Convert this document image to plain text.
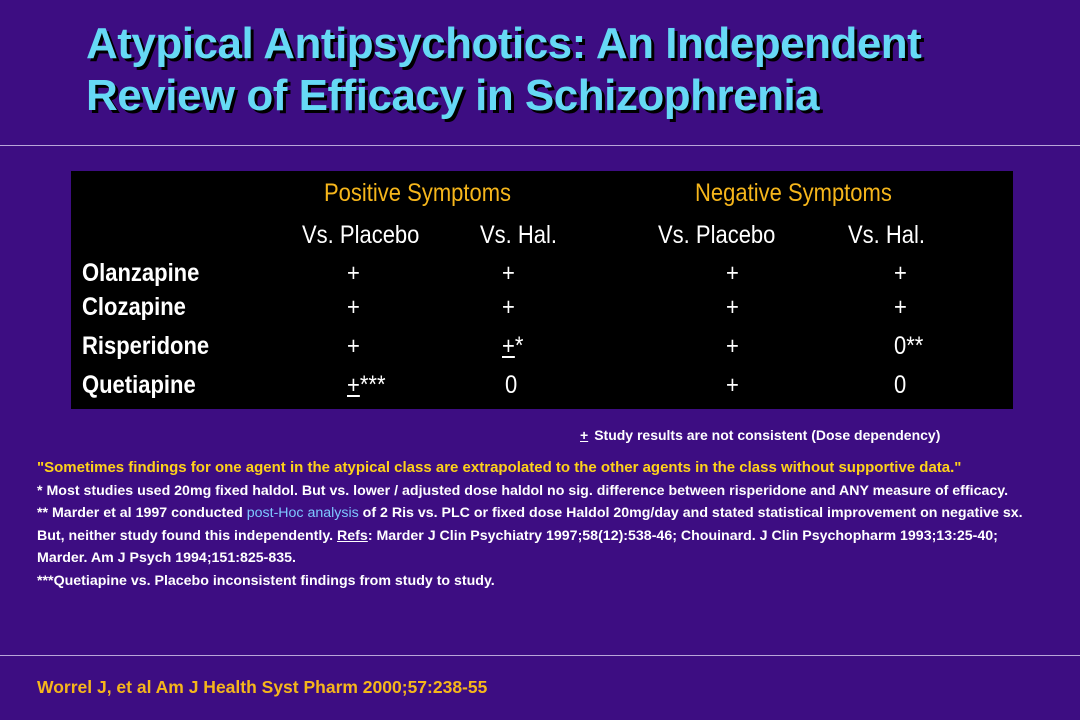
Atypical Antipsychotics: An Independent
Review of Efficacy in Schizophrenia
Positive Symptoms	Negative Symptoms
Vs. Placebo Vs. Hal.	Vs. Placebo	Vs. Hal.
Olanzapine	+	+	+	+
Clozapine	+	+	+	+
Risperidone	+	+*	+	0**
Quetiapine	+***	0	+	0
+ Study results are not consistent (Dose dependency)

"Sometimes findings for one agent in the atypical class are extrapolated to the other agents in the class without supportive data."

* Most studies used 20mg fixed haldol. But vs. lower / adjusted dose haldol no sig. difference between risperidone and ANY measure of efficacy.

** Marder et al 1997 conducted post-Hoc analysis of 2 Ris vs. PLC or fixed dose Haldol 20mg/day and stated statistical improvement on negative sx. But, neither study found this independently. Refs: Marder J Clin Psychiatry 1997;58(12):538-46; Chouinard. J Clin Psychopharm 1993;13:25-40; Marder. Am J Psych 1994;151:825-835.

***Quetiapine vs. Placebo inconsistent findings from study to study.

Worrel J, et al Am J Health Syst Pharm 2000;57:238-55
